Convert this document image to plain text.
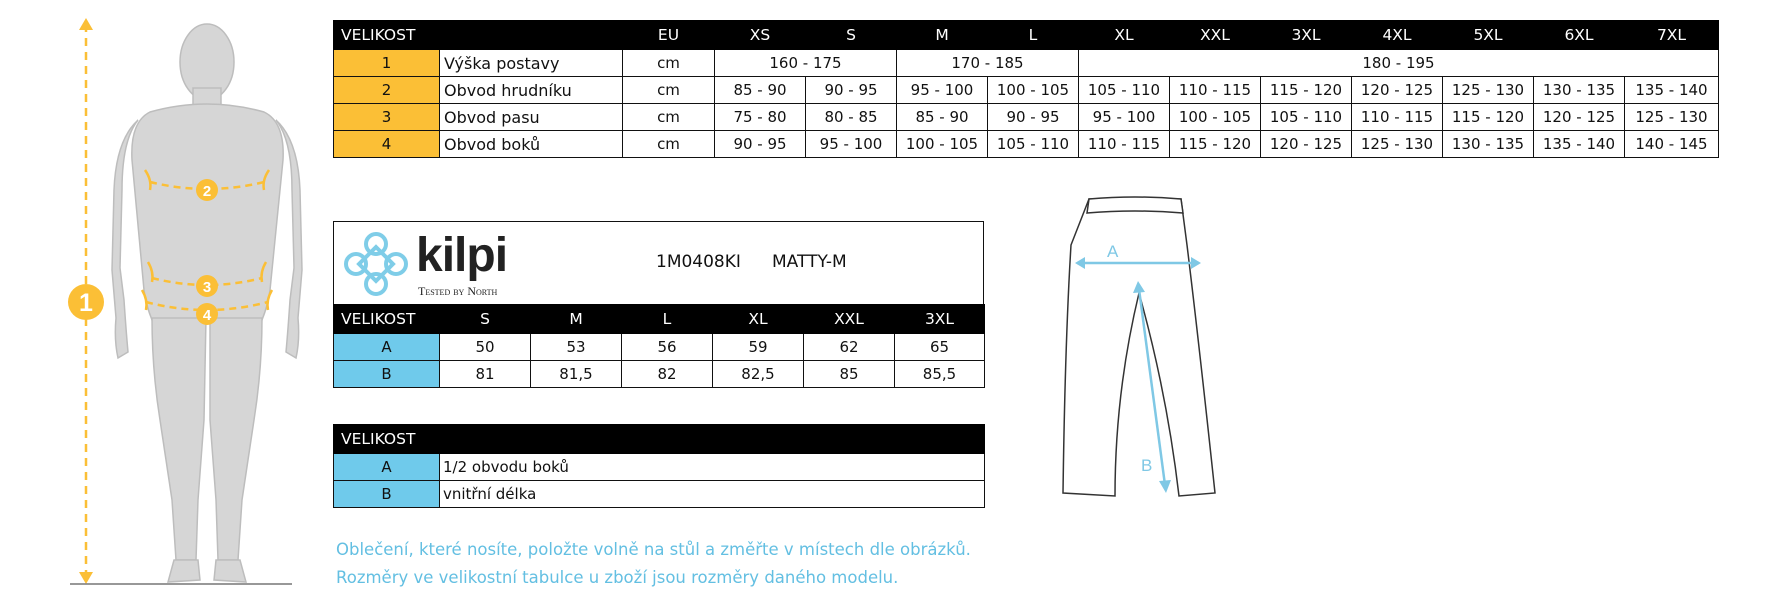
1
2
3
4
VELIKOST		EU	XS	S	M	L	XL	XXL	3XL	4XL	5XL	6XL	7XL
1	Výška postavy	cm	160 - 175		170 - 185		180 - 195						
2	Obvod hrudníku	cm	85 - 90	90 - 95	95 - 100	100 - 105	105 - 110	110 - 115	115 - 120	120 - 125	125 - 130	130 - 135	135 - 140
3	Obvod pasu	cm	75 - 80	80 - 85	85 - 90	90 - 95	95 - 100	100 - 105	105 - 110	110 - 115	115 - 120	120 - 125	125 - 130
4	Obvod boků	cm	90 - 95	95 - 100	100 - 105	105 - 110	110 - 115	115 - 120	120 - 125	125 - 130	130 - 135	135 - 140	140 - 145
kilpi
Tested by North
1M0408KI MATTY-M
VELIKOST	S	M	L	XL	XXL	3XL
A	50	53	56	59	62	65
B	81	81,5	82	82,5	85	85,5
VELIKOST	
A	1/2 obvodu boků
B	vnitřní délka
A
B
Oblečení, které nosíte, položte volně na stůl a změřte v místech dle obrázků.
Rozměry ve velikostní tabulce u zboží jsou rozměry daného modelu.
